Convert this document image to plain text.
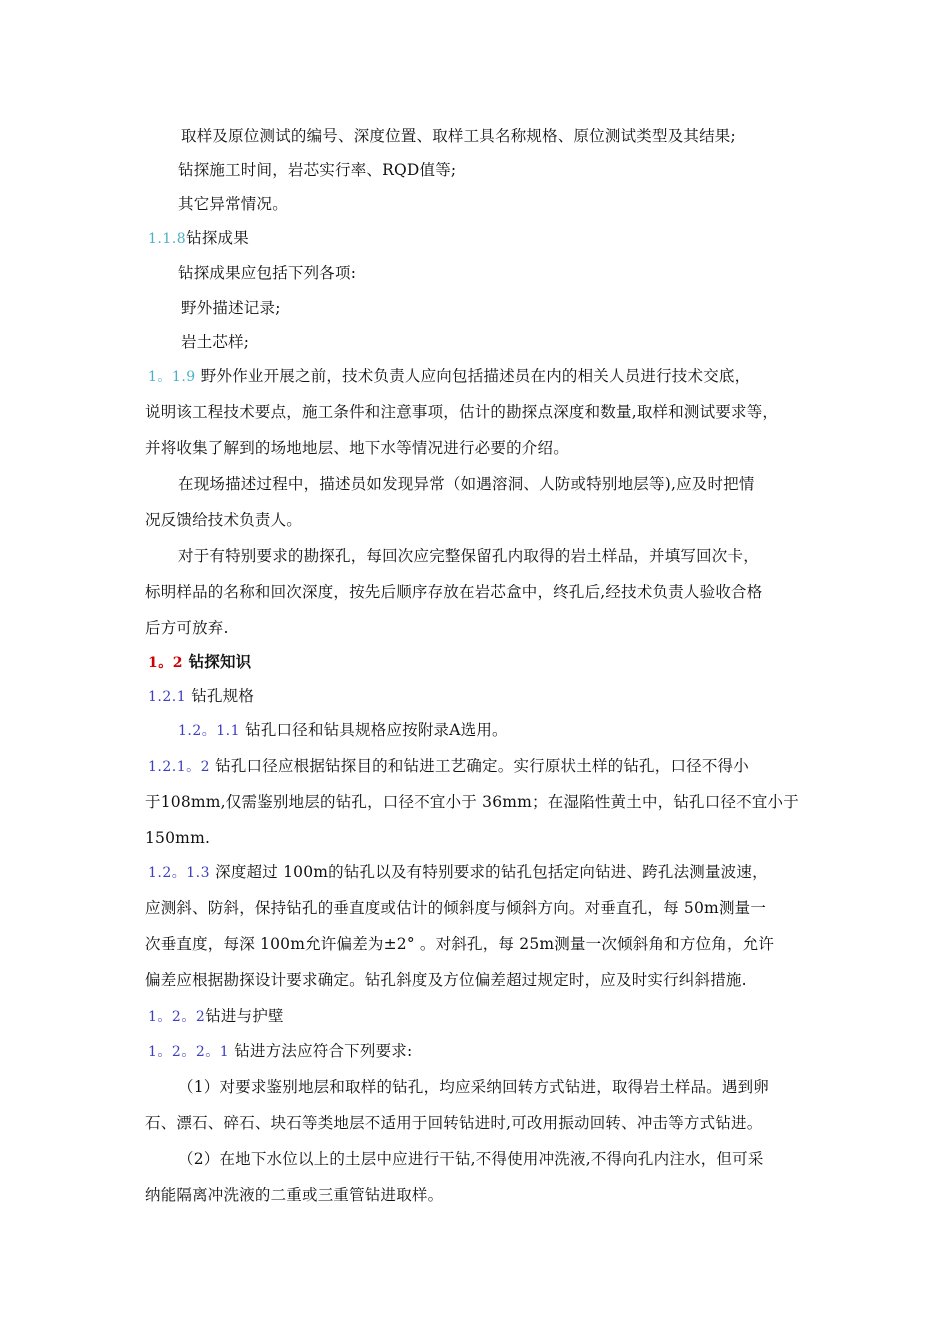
取样及原位测试的编号、深度位置、取样工具名称规格、原位测试类型及其结果;
钻探施工时间，岩芯实行率、RQD值等;
其它异常情况。
1.1.8钻探成果
钻探成果应包括下列各项:
野外描述记录;
岩土芯样;
1。1.9 野外作业开展之前，技术负责人应向包括描述员在内的相关人员进行技术交底，
说明该工程技术要点，施工条件和注意事项，估计的勘探点深度和数量,取样和测试要求等，
并将收集了解到的场地地层、地下水等情况进行必要的介绍。
在现场描述过程中，描述员如发现异常（如遇溶洞、人防或特别地层等),应及时把情
况反馈给技术负责人。
对于有特别要求的勘探孔，每回次应完整保留孔内取得的岩土样品，并填写回次卡，
标明样品的名称和回次深度，按先后顺序存放在岩芯盒中，终孔后,经技术负责人验收合格
后方可放弃.
1。2 钻探知识
1.2.1 钻孔规格
1.2。1.1 钻孔口径和钻具规格应按附录A选用。
1.2.1。2 钻孔口径应根据钻探目的和钻进工艺确定。实行原状土样的钻孔，口径不得小
于108mm,仅需鉴别地层的钻孔，口径不宜小于 36mm；在湿陷性黄土中，钻孔口径不宜小于
150mm.
1.2。1.3 深度超过 100m的钻孔以及有特别要求的钻孔包括定向钻进、跨孔法测量波速，
应测斜、防斜，保持钻孔的垂直度或估计的倾斜度与倾斜方向。对垂直孔，每 50m测量一
次垂直度，每深 100m允许偏差为±2° 。对斜孔，每 25m测量一次倾斜角和方位角，允许
偏差应根据勘探设计要求确定。钻孔斜度及方位偏差超过规定时，应及时实行纠斜措施.
1。2。2钻进与护壁
1。2。2。1 钻进方法应符合下列要求:
（1）对要求鉴别地层和取样的钻孔，均应采纳回转方式钻进，取得岩土样品。遇到卵
石、漂石、碎石、块石等类地层不适用于回转钻进时,可改用振动回转、冲击等方式钻进。
（2）在地下水位以上的土层中应进行干钻,不得使用冲洗液,不得向孔内注水，但可采
纳能隔离冲洗液的二重或三重管钻进取样。
